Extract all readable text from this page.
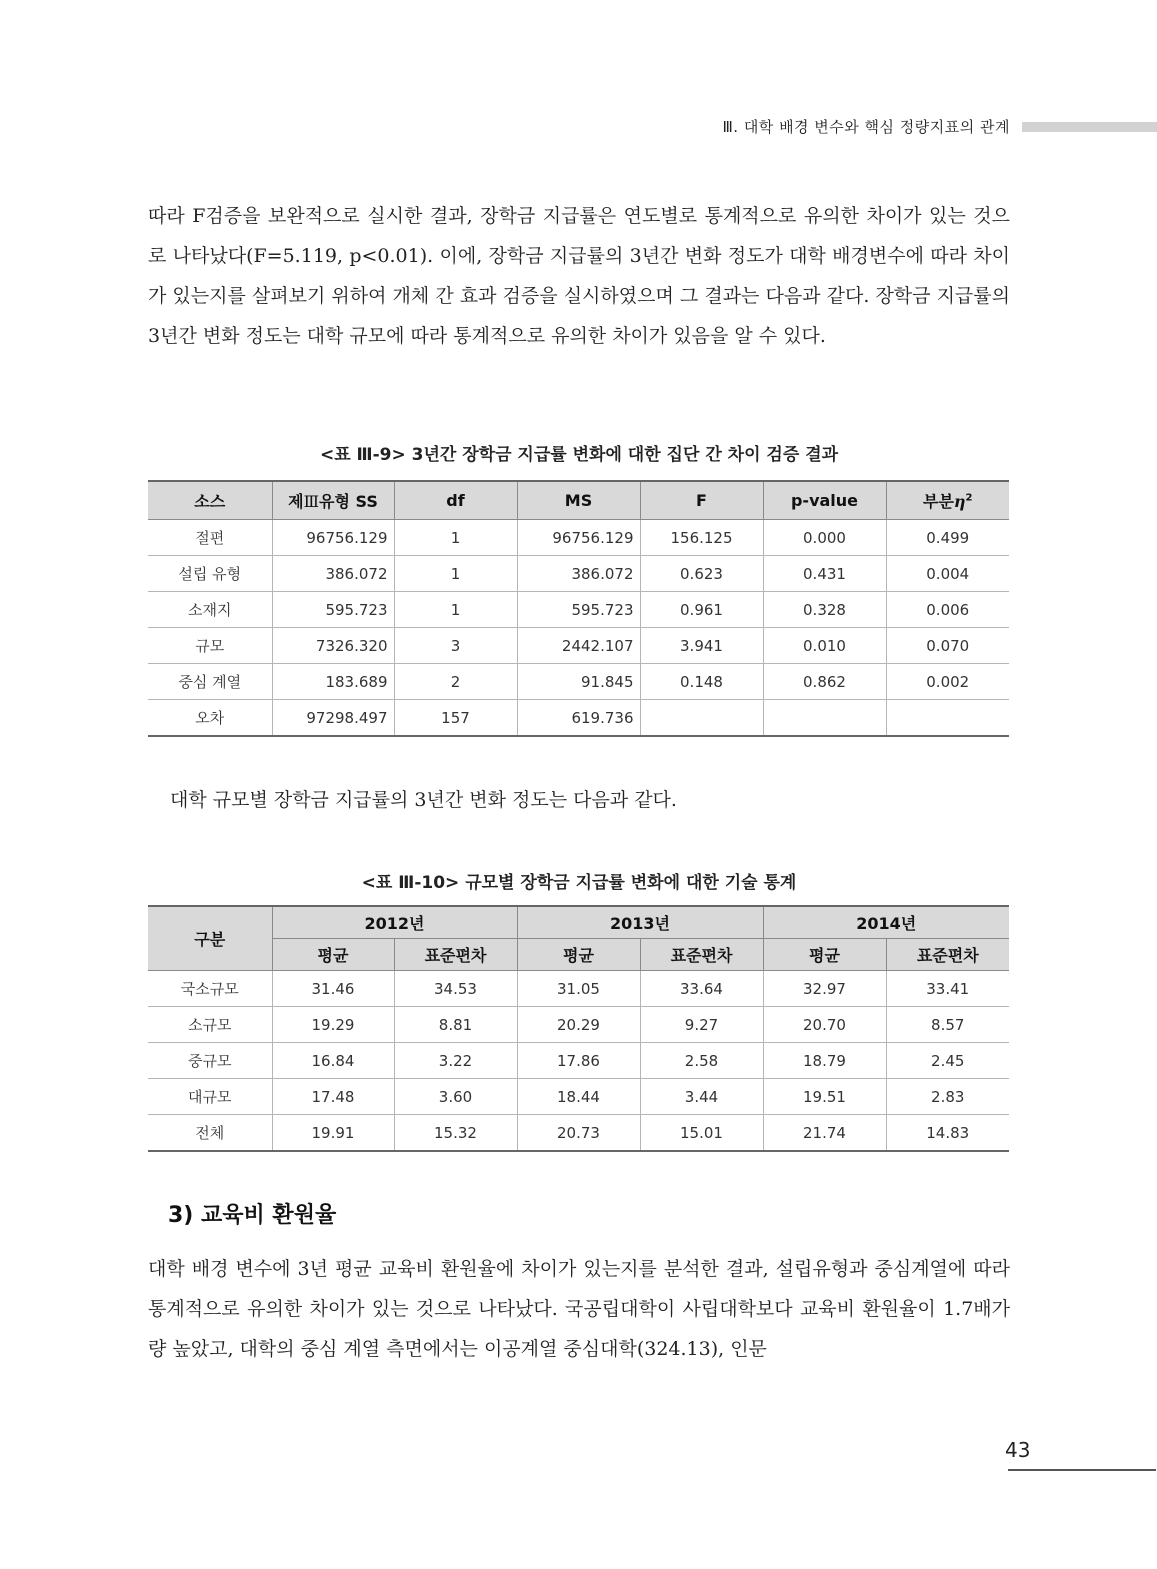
Ⅲ. 대학 배경 변수와 핵심 정량지표의 관계

따라 F검증을 보완적으로 실시한 결과, 장학금 지급률은 연도별로 통계적으로 유의한 차이가 있는 것으로 나타났다(F=5.119, p<0.01). 이에, 장학금 지급률의 3년간 변화 정도가 대학 배경변수에 따라 차이가 있는지를 살펴보기 위하여 개체 간 효과 검증을 실시하였으며 그 결과는 다음과 같다. 장학금 지급률의 3년간 변화 정도는 대학 규모에 따라 통계적으로 유의한 차이가 있음을 알 수 있다.

<표 Ⅲ-9> 3년간 장학금 지급률 변화에 대한 집단 간 차이 검증 결과
소스	제Ⅲ유형 SS	df	MS	F	p-value	부분$\eta^2$
절편	96756.129	1	96756.129	156.125	0.000	0.499
설립 유형	386.072	1	386.072	0.623	0.431	0.004
소재지	595.723	1	595.723	0.961	0.328	0.006
규모	7326.320	3	2442.107	3.941	0.010	0.070
중심 계열	183.689	2	91.845	0.148	0.862	0.002
오차	97298.497	157	619.736			

대학 규모별 장학금 지급률의 3년간 변화 정도는 다음과 같다.

<표 Ⅲ-10> 규모별 장학금 지급률 변화에 대한 기술 통계
구분	2012년		2013년		2014년	
	평균	표준편차	평균	표준편차	평균	표준편차
국소규모	31.46	34.53	31.05	33.64	32.97	33.41
소규모	19.29	8.81	20.29	9.27	20.70	8.57
중규모	16.84	3.22	17.86	2.58	18.79	2.45
대규모	17.48	3.60	18.44	3.44	19.51	2.83
전체	19.91	15.32	20.73	15.01	21.74	14.83
3) 교육비 환원율

대학 배경 변수에 3년 평균 교육비 환원율에 차이가 있는지를 분석한 결과, 설립유형과 중심계열에 따라 통계적으로 유의한 차이가 있는 것으로 나타났다. 국공립대학이 사립대학보다 교육비 환원율이 1.7배가량 높았고, 대학의 중심 계열 측면에서는 이공계열 중심대학(324.13), 인문

43
